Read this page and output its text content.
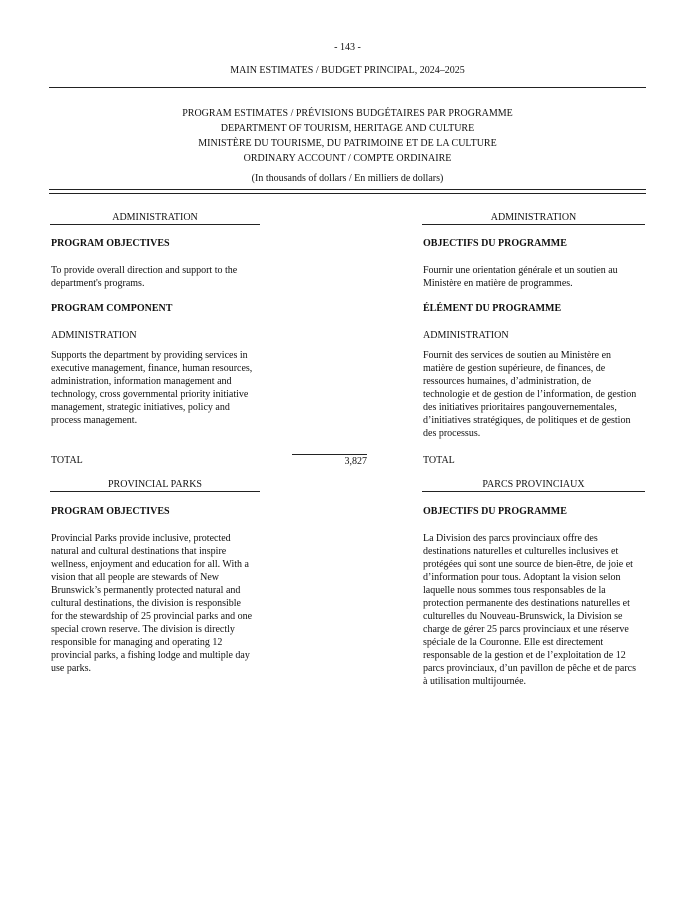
- 143 -
MAIN ESTIMATES / BUDGET PRINCIPAL, 2024–2025
PROGRAM ESTIMATES / PRÉVISIONS BUDGÉTAIRES PAR PROGRAMME
DEPARTMENT OF TOURISM, HERITAGE AND CULTURE
MINISTÈRE DU TOURISME, DU PATRIMOINE ET DE LA CULTURE
ORDINARY ACCOUNT / COMPTE ORDINAIRE
(In thousands of dollars / En milliers de dollars)
ADMINISTRATION
PROGRAM OBJECTIVES
To provide overall direction and support to the
department's programs.
PROGRAM COMPONENT
ADMINISTRATION
Supports the department by providing services in
executive management, finance, human resources,
administration, information management and
technology, cross governmental priority initiative
management, strategic initiatives, policy and
process management.
TOTAL	3,827
ADMINISTRATION
OBJECTIFS DU PROGRAMME
Fournir une orientation générale et un soutien au
Ministère en matière de programmes.
ÉLÉMENT DU PROGRAMME
ADMINISTRATION
Fournit des services de soutien au Ministère en
matière de gestion supérieure, de finances, de
ressources humaines, d’administration, de
technologie et de gestion de l’information, de gestion
des initiatives prioritaires pangouvernementales,
d’initiatives stratégiques, de politiques et de gestion
des processus.
TOTAL
PROVINCIAL PARKS
PROGRAM OBJECTIVES
Provincial Parks provide inclusive, protected
natural and cultural destinations that inspire
wellness, enjoyment and education for all. With a
vision that all people are stewards of New
Brunswick’s permanently protected natural and
cultural destinations, the division is responsible
for the stewardship of 25 provincial parks and one
special crown reserve. The division is directly
responsible for managing and operating 12
provincial parks, a fishing lodge and multiple day
use parks.
PARCS PROVINCIAUX
OBJECTIFS DU PROGRAMME
La Division des parcs provinciaux offre des
destinations naturelles et culturelles inclusives et
protégées qui sont une source de bien-être, de joie et
d’information pour tous. Adoptant la vision selon
laquelle nous sommes tous responsables de la
protection permanente des destinations naturelles et
culturelles du Nouveau-Brunswick, la Division se
charge de gérer 25 parcs provinciaux et une réserve
spéciale de la Couronne. Elle est directement
responsable de la gestion et de l’exploitation de 12
parcs provinciaux, d’un pavillon de pêche et de parcs
à utilisation multijournée.
